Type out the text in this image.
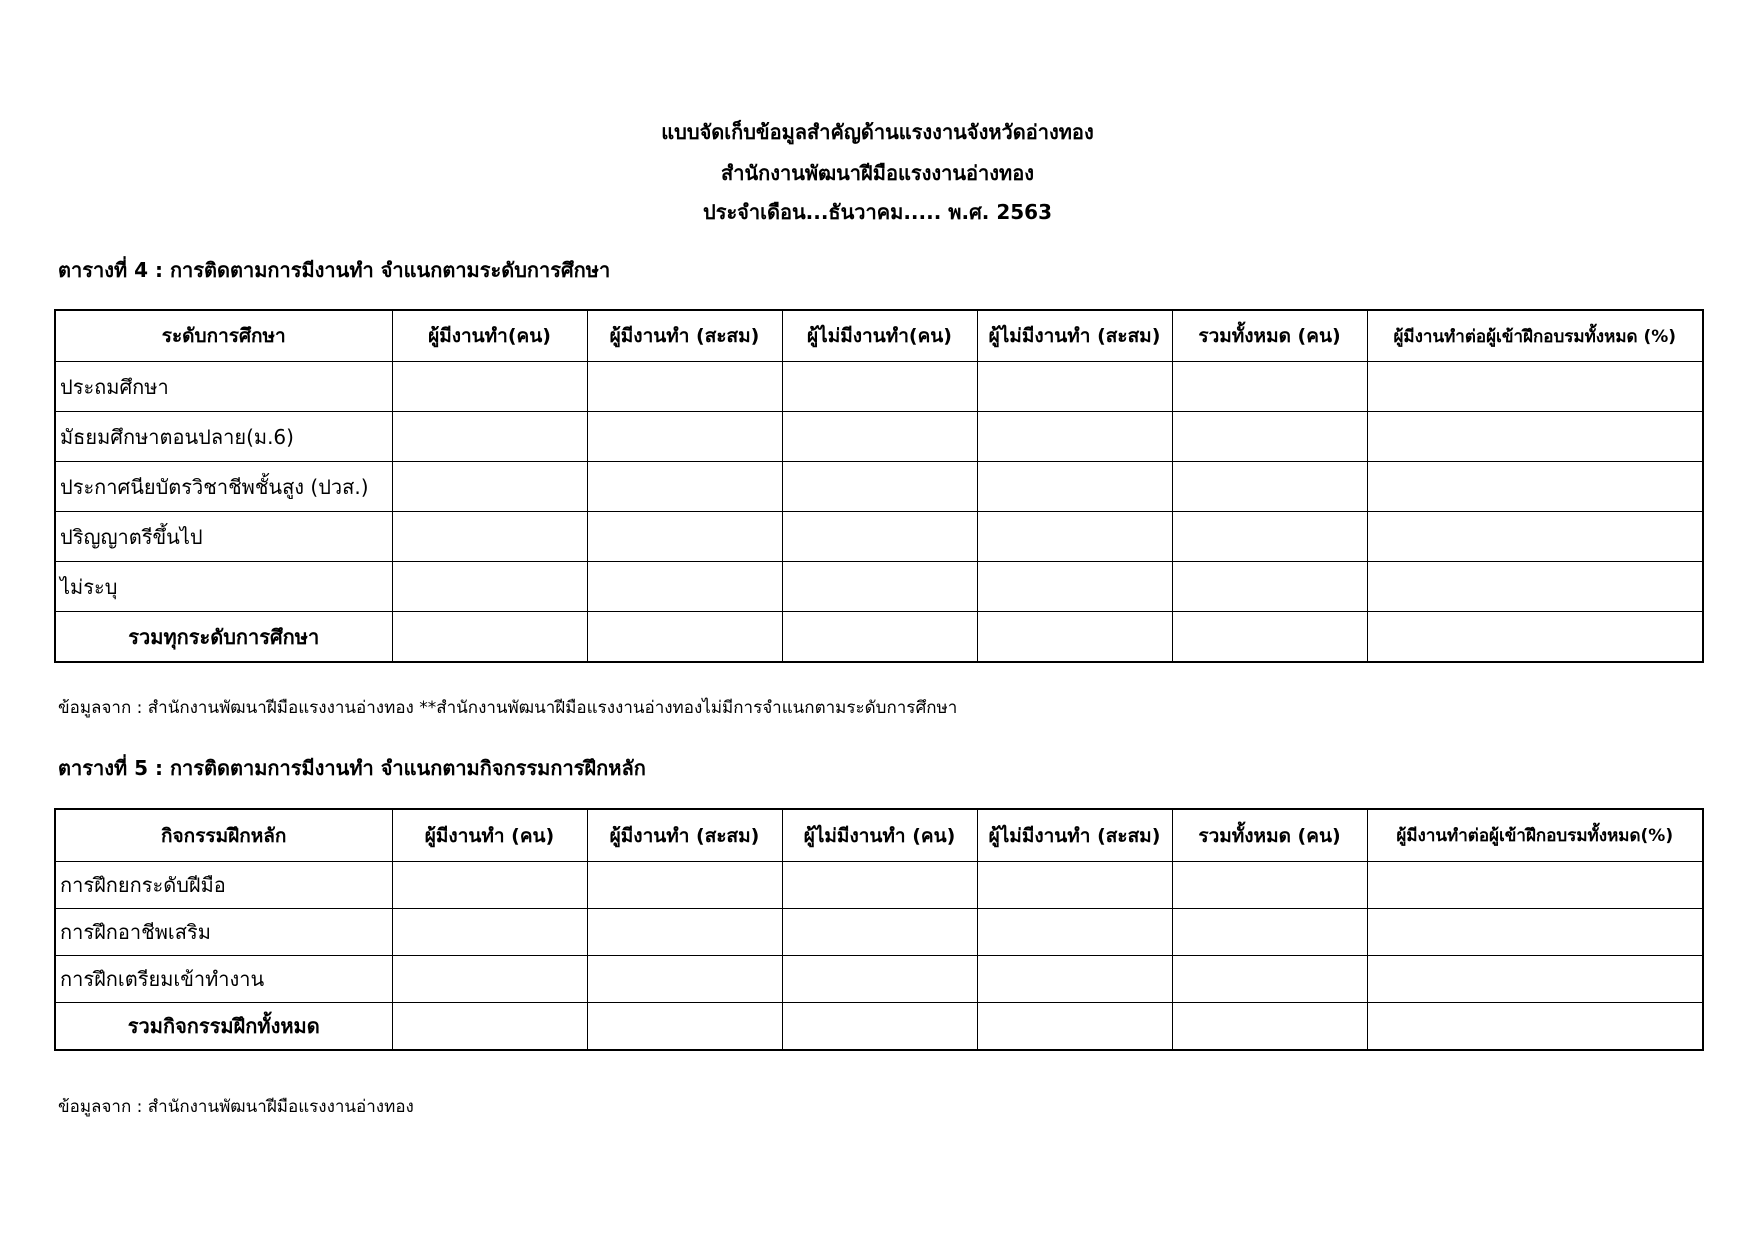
แบบจัดเก็บข้อมูลสำคัญด้านแรงงานจังหวัดอ่างทอง
สำนักงานพัฒนาฝีมือแรงงานอ่างทอง
ประจำเดือน...ธันวาคม..... พ.ศ. 2563
ตารางที่ 4 : การติดตามการมีงานทำ จำแนกตามระดับการศึกษา
ระดับการศึกษา	ผู้มีงานทำ(คน)	ผู้มีงานทำ (สะสม)	ผู้ไม่มีงานทำ(คน)	ผู้ไม่มีงานทำ (สะสม)	รวมทั้งหมด (คน)	ผู้มีงานทำต่อผู้เข้าฝึกอบรมทั้งหมด (%)
ประถมศึกษา						
มัธยมศึกษาตอนปลาย(ม.6)						
ประกาศนียบัตรวิชาชีพชั้นสูง (ปวส.)						
ปริญญาตรีขึ้นไป						
ไม่ระบุ						
รวมทุกระดับการศึกษา						
ข้อมูลจาก : สำนักงานพัฒนาฝีมือแรงงานอ่างทอง **สำนักงานพัฒนาฝีมือแรงงานอ่างทองไม่มีการจำแนกตามระดับการศึกษา
ตารางที่ 5 : การติดตามการมีงานทำ จำแนกตามกิจกรรมการฝึกหลัก
กิจกรรมฝึกหลัก	ผู้มีงานทำ (คน)	ผู้มีงานทำ (สะสม)	ผู้ไม่มีงานทำ (คน)	ผู้ไม่มีงานทำ (สะสม)	รวมทั้งหมด (คน)	ผู้มีงานทำต่อผู้เข้าฝึกอบรมทั้งหมด(%)
การฝึกยกระดับฝีมือ						
การฝึกอาชีพเสริม						
การฝึกเตรียมเข้าทำงาน						
รวมกิจกรรมฝึกทั้งหมด						
ข้อมูลจาก : สำนักงานพัฒนาฝีมือแรงงานอ่างทอง
